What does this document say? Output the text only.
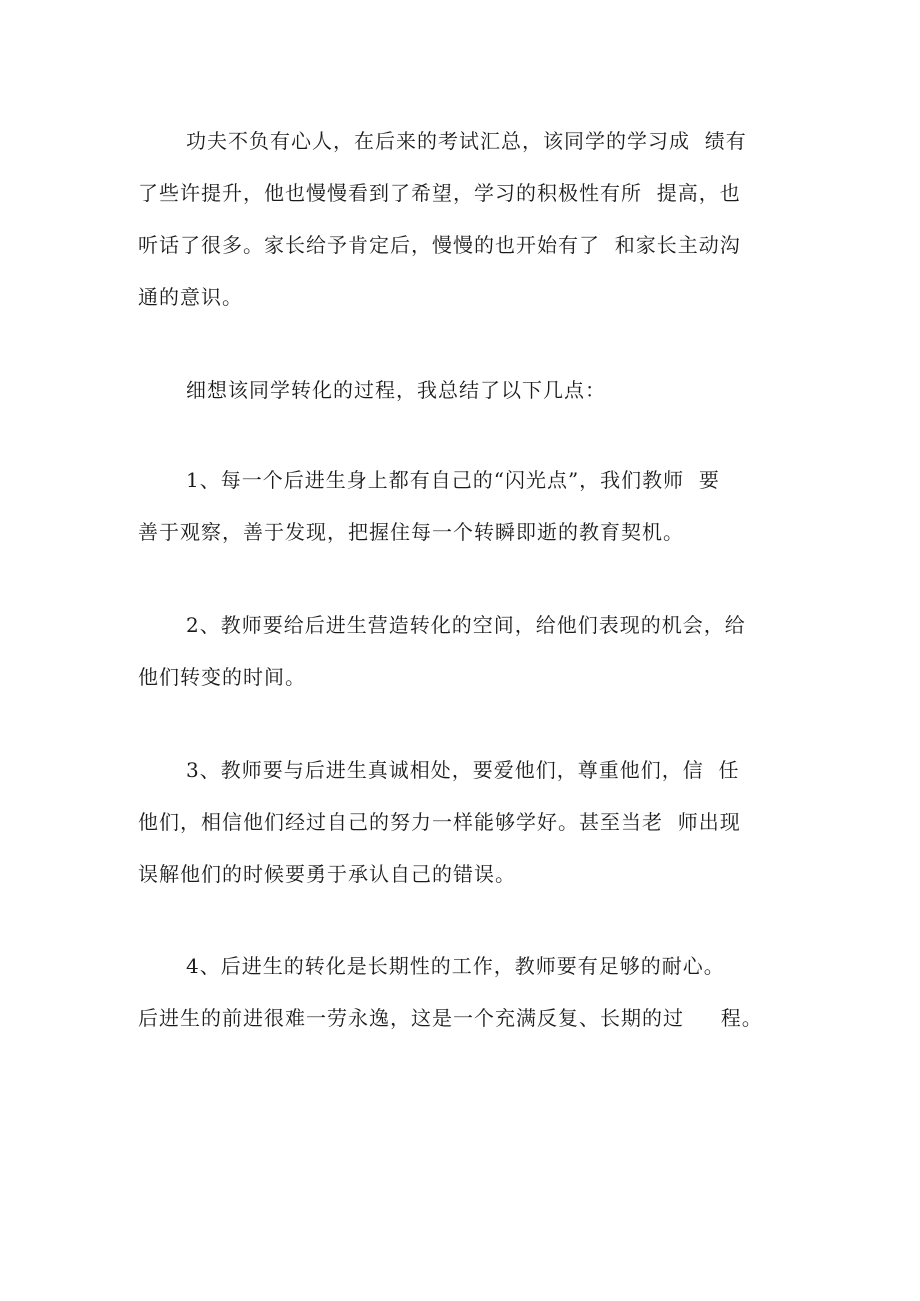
功夫不负有心人，在后来的考试汇总，该同学的学习成  绩有
了些许提升，他也慢慢看到了希望，学习的积极性有所  提高，也
听话了很多。家长给予肯定后，慢慢的也开始有了  和家长主动沟
通的意识。
细想该同学转化的过程，我总结了以下几点：
1、每一个后进生身上都有自己的“闪光点”，我们教师  要
善于观察，善于发现，把握住每一个转瞬即逝的教育契机。
2、教师要给后进生营造转化的空间，给他们表现的机会，给
他们转变的时间。
3、教师要与后进生真诚相处，要爱他们，尊重他们，信  任
他们，相信他们经过自己的努力一样能够学好。甚至当老  师出现
误解他们的时候要勇于承认自己的错误。
4、后进生的转化是长期性的工作，教师要有足够的耐心。
后进生的前进很难一劳永逸，这是一个充满反复、长期的过     程。
